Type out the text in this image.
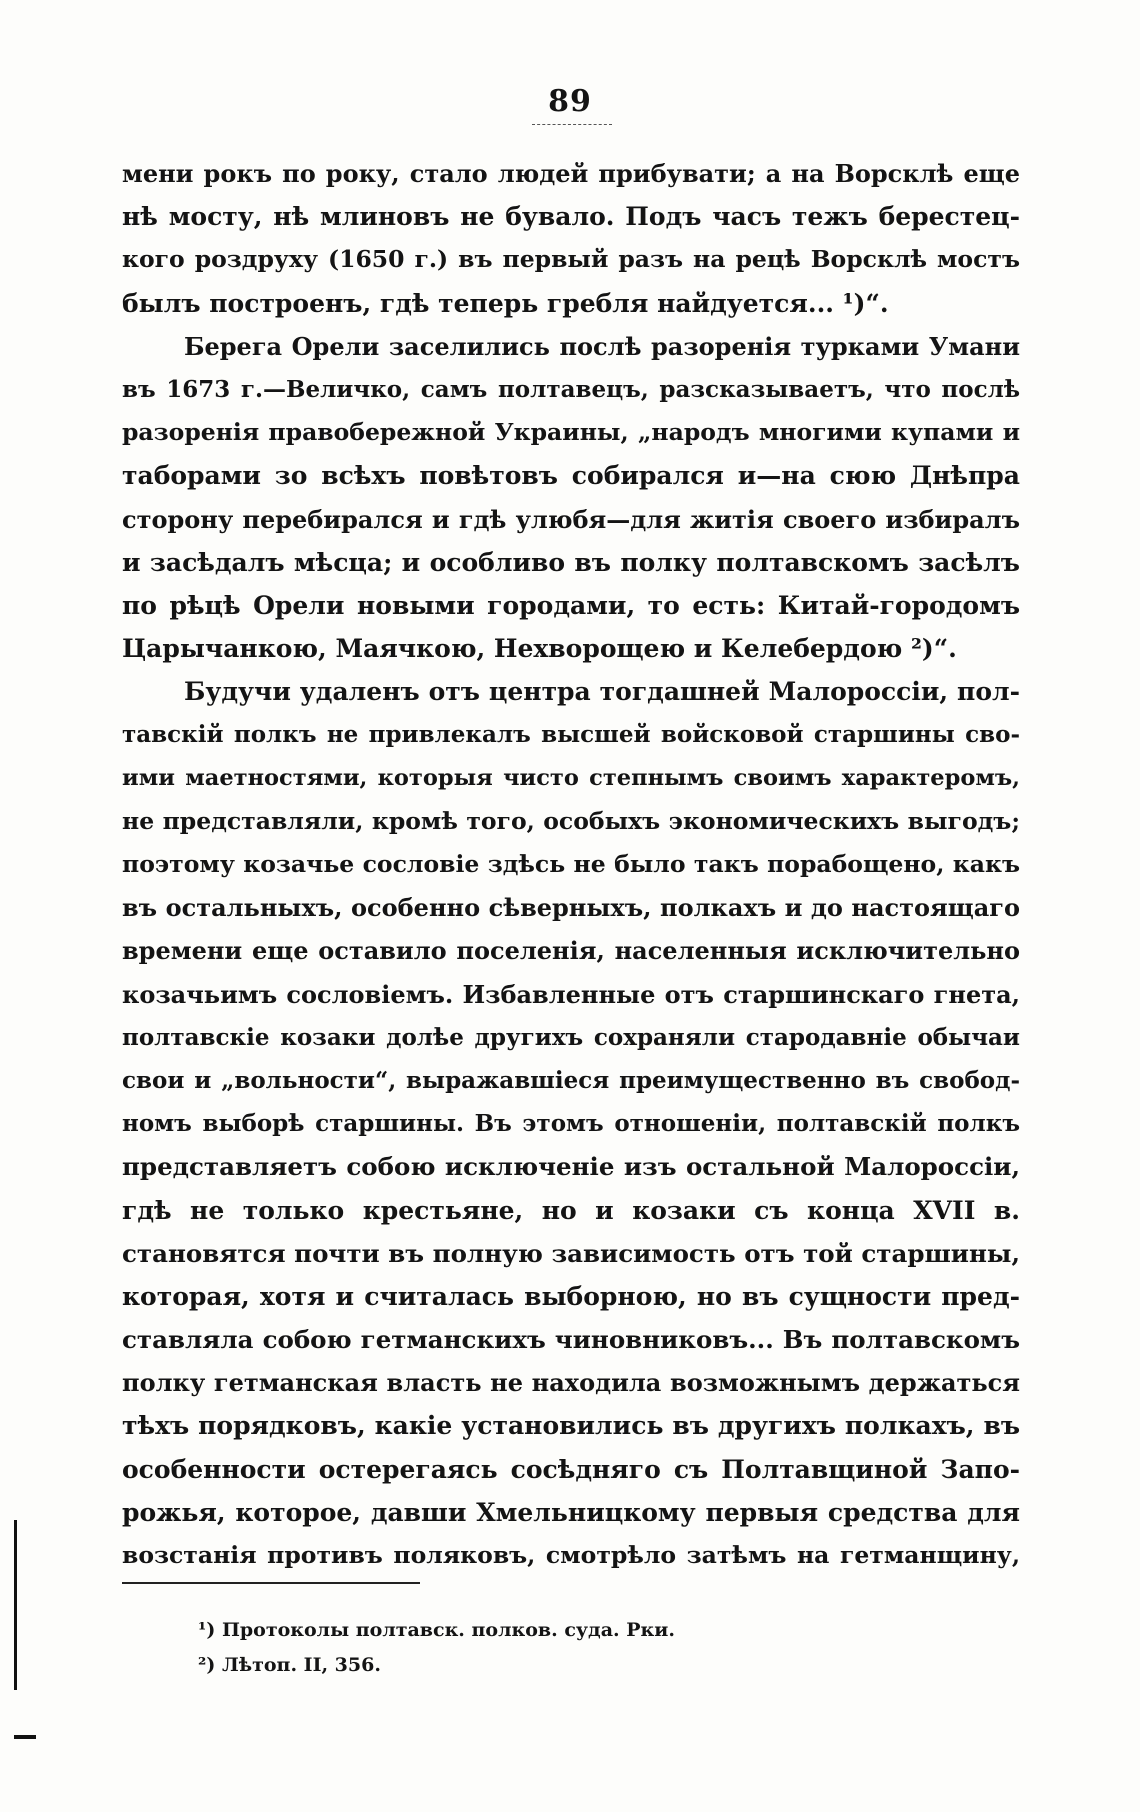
89
мени рокъ по року, стало людей прибувати; а на Ворсклѣ еще
нѣ мосту, нѣ млиновъ не бувало. Подъ часъ тежъ берестец-
кого роздруху (1650 г.) въ первый разъ на рецѣ Ворсклѣ мостъ
былъ построенъ, гдѣ теперь гребля найдуется... ¹)“.
Берега Орели заселились послѣ разоренія турками Умани
въ 1673 г.—Величко, самъ полтавецъ, разсказываетъ, что послѣ
разоренія правобережной Украины, „народъ многими купами и
таборами зо всѣхъ повѣтовъ собирался и—на сюю Днѣпра
сторону перебирался и гдѣ улюбя—для житія своего избиралъ
и засѣдалъ мѣсца; и особливо въ полку полтавскомъ засѣлъ
по рѣцѣ Орели новыми городами, то есть: Китай-городомъ
Царычанкою, Маячкою, Нехворощею и Келебердою ²)“.
Будучи удаленъ отъ центра тогдашней Малороссіи, пол-
тавскій полкъ не привлекалъ высшей войсковой старшины сво-
ими маетностями, которыя чисто степнымъ своимъ характеромъ,
не представляли, кромѣ того, особыхъ экономическихъ выгодъ;
поэтому козачье сословіе здѣсь не было такъ порабощено, какъ
въ остальныхъ, особенно сѣверныхъ, полкахъ и до настоящаго
времени еще оставило поселенія, населенныя исключительно
козачьимъ сословіемъ. Избавленные отъ старшинскаго гнета,
полтавскіе козаки долѣе другихъ сохраняли стародавніе обычаи
свои и „вольности“, выражавшіеся преимущественно въ свобод-
номъ выборѣ старшины. Въ этомъ отношеніи, полтавскій полкъ
представляетъ собою исключеніе изъ остальной Малороссіи,
гдѣ не только крестьяне, но и козаки съ конца XVII в.
становятся почти въ полную зависимость отъ той старшины,
которая, хотя и считалась выборною, но въ сущности пред-
ставляла собою гетманскихъ чиновниковъ... Въ полтавскомъ
полку гетманская власть не находила возможнымъ держаться
тѣхъ порядковъ, какіе установились въ другихъ полкахъ, въ
особенности остерегаясь сосѣдняго съ Полтавщиной Запо-
рожья, которое, давши Хмельницкому первыя средства для
возстанія противъ поляковъ, смотрѣло затѣмъ на гетманщину,
¹) Протоколы полтавск. полков. суда. Рки.
²) Лѣтоп. II, 356.
